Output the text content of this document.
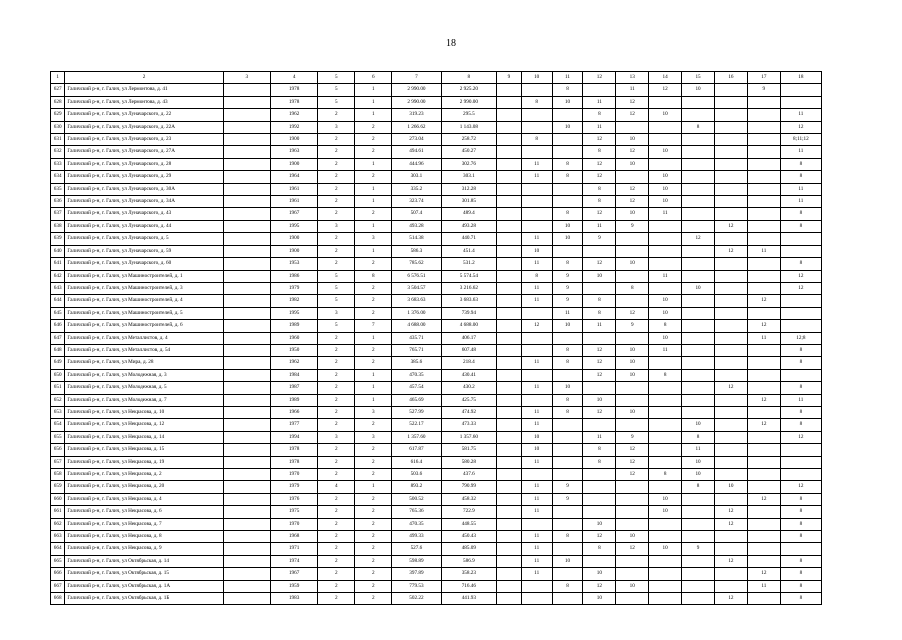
18
1	2	3	4	5	6	7	8	9	10	11	12	13	14	15	16	17	18
627	Галичский р-н, г. Галич, ул Лермонтова, д. 41		1978	5	1	2 990.00	2 925.20			8		11	12	10		9	
628	Галичский р-н, г. Галич, ул Лермонтова, д. 43		1978	5	1	2 990.00	2 990.00		8	10	11	12					
629	Галичский р-н, г. Галич, ул Луначарского, д. 22		1962	2	1	319.23	295.5				8	12	10				11
630	Галичский р-н, г. Галич, ул Луначарского, д. 22А		1992	3	2	1 266.62	1 143.08			10	11			8			12
631	Галичский р-н, г. Галич, ул Луначарского, д. 23		1900	2	2	273.04	258.72		8		12	10					8;11;12
632	Галичский р-н, г. Галич, ул Луначарского, д. 27А		1963	2	2	494.61	450.27				8	12	10				11
633	Галичский р-н, г. Галич, ул Луначарского, д. 28		1900	2	1	444.96	302.76		11	8	12	10					8
634	Галичский р-н, г. Галич, ул Луначарского, д. 29		1964	2	2	303.1	303.1		11	8	12		10				8
635	Галичский р-н, г. Галич, ул Луначарского, д. 30А		1961	2	1	335.2	312.28				8	12	10				11
636	Галичский р-н, г. Галич, ул Луначарского, д. 34А		1961	2	1	323.74	301.85				8	12	10				11
637	Галичский р-н, г. Галич, ул Луначарского, д. 43		1967	2	2	507.4	489.4			8	12	10	11				8
638	Галичский р-н, г. Галич, ул Луначарского, д. 44		1995	3	1	493.28	493.28			10	11	9			12		8
639	Галичский р-н, г. Галич, ул Луначарского, д. 5		1900	2	3	514.38	440.71		11	10	9			12			
640	Галичский р-н, г. Галич, ул Луначарского, д. 59		1900	2	1	586.3	451.4		10						12	11	
641	Галичский р-н, г. Галич, ул Луначарского, д. 60		1953	2	2	785.62	531.2		11	8	12	10					8
642	Галичский р-н, г. Галич, ул Машиностроителей, д. 1		1986	5	8	6 576.51	5 574.54		8	9	10		11				12
643	Галичский р-н, г. Галич, ул Машиностроителей, д. 3		1979	5	2	3 504.57	3 216.62		11	9		8		10			12
644	Галичский р-н, г. Галич, ул Машиностроителей, д. 4		1982	5	2	3 683.63	3 683.63		11	9	8		10			12	
645	Галичский р-н, г. Галич, ул Машиностроителей, д. 5		1995	3	2	1 376.00	739.94			11	8	12	10				
646	Галичский р-н, г. Галич, ул Машиностроителей, д. 6		1989	5	7	4 688.00	4 688.00		12	10	11	9	8			12	
647	Галичский р-н, г. Галич, ул Металлистов, д. 4		1960	2	1	435.71	406.17						10			11	12;8
648	Галичский р-н, г. Галич, ул Металлистов, д. 54		1950	2	2	765.71	607.48			8	12	10	11				8
649	Галичский р-н, г. Галич, ул Мира, д. 28		1962	2	2	385.6	218.4		11	8	12	10					8
650	Галичский р-н, г. Галич, ул Молодежная, д. 3		1984	2	1	470.35	430.41				12	10	8				
651	Галичский р-н, г. Галич, ул Молодежная, д. 5		1987	2	1	457.54	430.2		11	10					12		8
652	Галичский р-н, г. Галич, ул Молодежная, д. 7		1989	2	1	465.69	425.75			8	10					12	11
653	Галичский р-н, г. Галич, ул Некрасова, д. 10		1966	2	3	527.99	474.92		11	8	12	10					8
654	Галичский р-н, г. Галич, ул Некрасова, д. 12		1977	2	2	522.17	473.33		11					10		12	8
655	Галичский р-н, г. Галич, ул Некрасова, д. 14		1994	3	3	1 357.60	1 357.60		10		11	9		8			12
656	Галичский р-н, г. Галич, ул Некрасова, д. 15		1978	2	2	617.87	581.75		10		8	12		11			
657	Галичский р-н, г. Галич, ул Некрасова, д. 19		1978	2	2	616.4	580.28		11		8	12		10			
658	Галичский р-н, г. Галич, ул Некрасова, д. 2		1970	2	2	503.6	437.6					12	8	10			
659	Галичский р-н, г. Галич, ул Некрасова, д. 20		1979	4	1	893.2	790.99		11	9				8	10		12
660	Галичский р-н, г. Галич, ул Некрасова, д. 4		1976	2	2	500.52	458.32		11	9			10			12	8
661	Галичский р-н, г. Галич, ул Некрасова, д. 6		1975	2	2	765.36	722.9		11				10		12		8
662	Галичский р-н, г. Галич, ул Некрасова, д. 7		1970	2	2	470.35	448.55				10				12		8
663	Галичский р-н, г. Галич, ул Некрасова, д. 8		1968	2	2	499.33	450.43		11	8	12	10					8
664	Галичский р-н, г. Галич, ул Некрасова, д. 9		1971	2	2	527.6	485.09		11		8	12	10	9			
665	Галичский р-н, г. Галич, ул Октябрьская, д. 14		1974	2	2	598.89	586.9		11	10					12		8
666	Галичский р-н, г. Галич, ул Октябрьская, д. 15		1967	2	2	397.89	358.23		11		10					12	8
667	Галичский р-н, г. Галич, ул Октябрьская, д. 1А		1959	2	2	779.53	716.46			8	12	10				11	8
668	Галичский р-н, г. Галич, ул Октябрьская, д. 1Б		1983	2	2	502.22	441.93				10				12		8
